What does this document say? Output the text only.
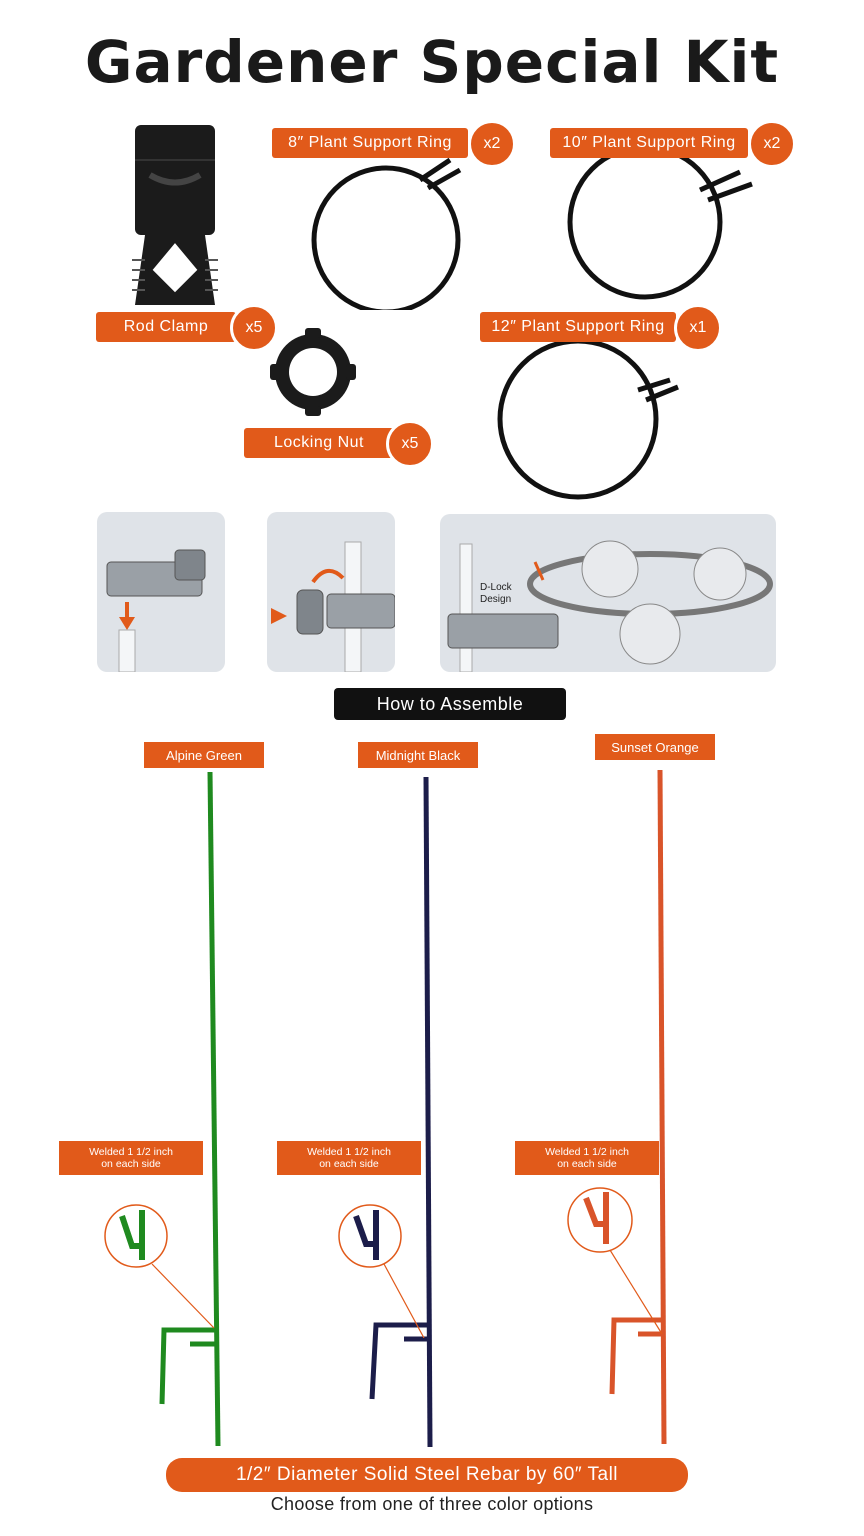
Gardener Special Kit
8″ Plant Support Ring	x2	10″ Plant Support Ring	x2
12″ Plant Support Ring	x1
Rod Clamp	x5
Locking Nut	x5
D-Lock
Design
How to Assemble
Alpine Green	Midnight Black
Sunset Orange
Welded 1 1/2 inch
on each side
Welded 1 1/2 inch
on each side
Welded 1 1/2 inch
on each side
1/2″ Diameter Solid Steel Rebar by 60″ Tall
Choose from one of three color options
